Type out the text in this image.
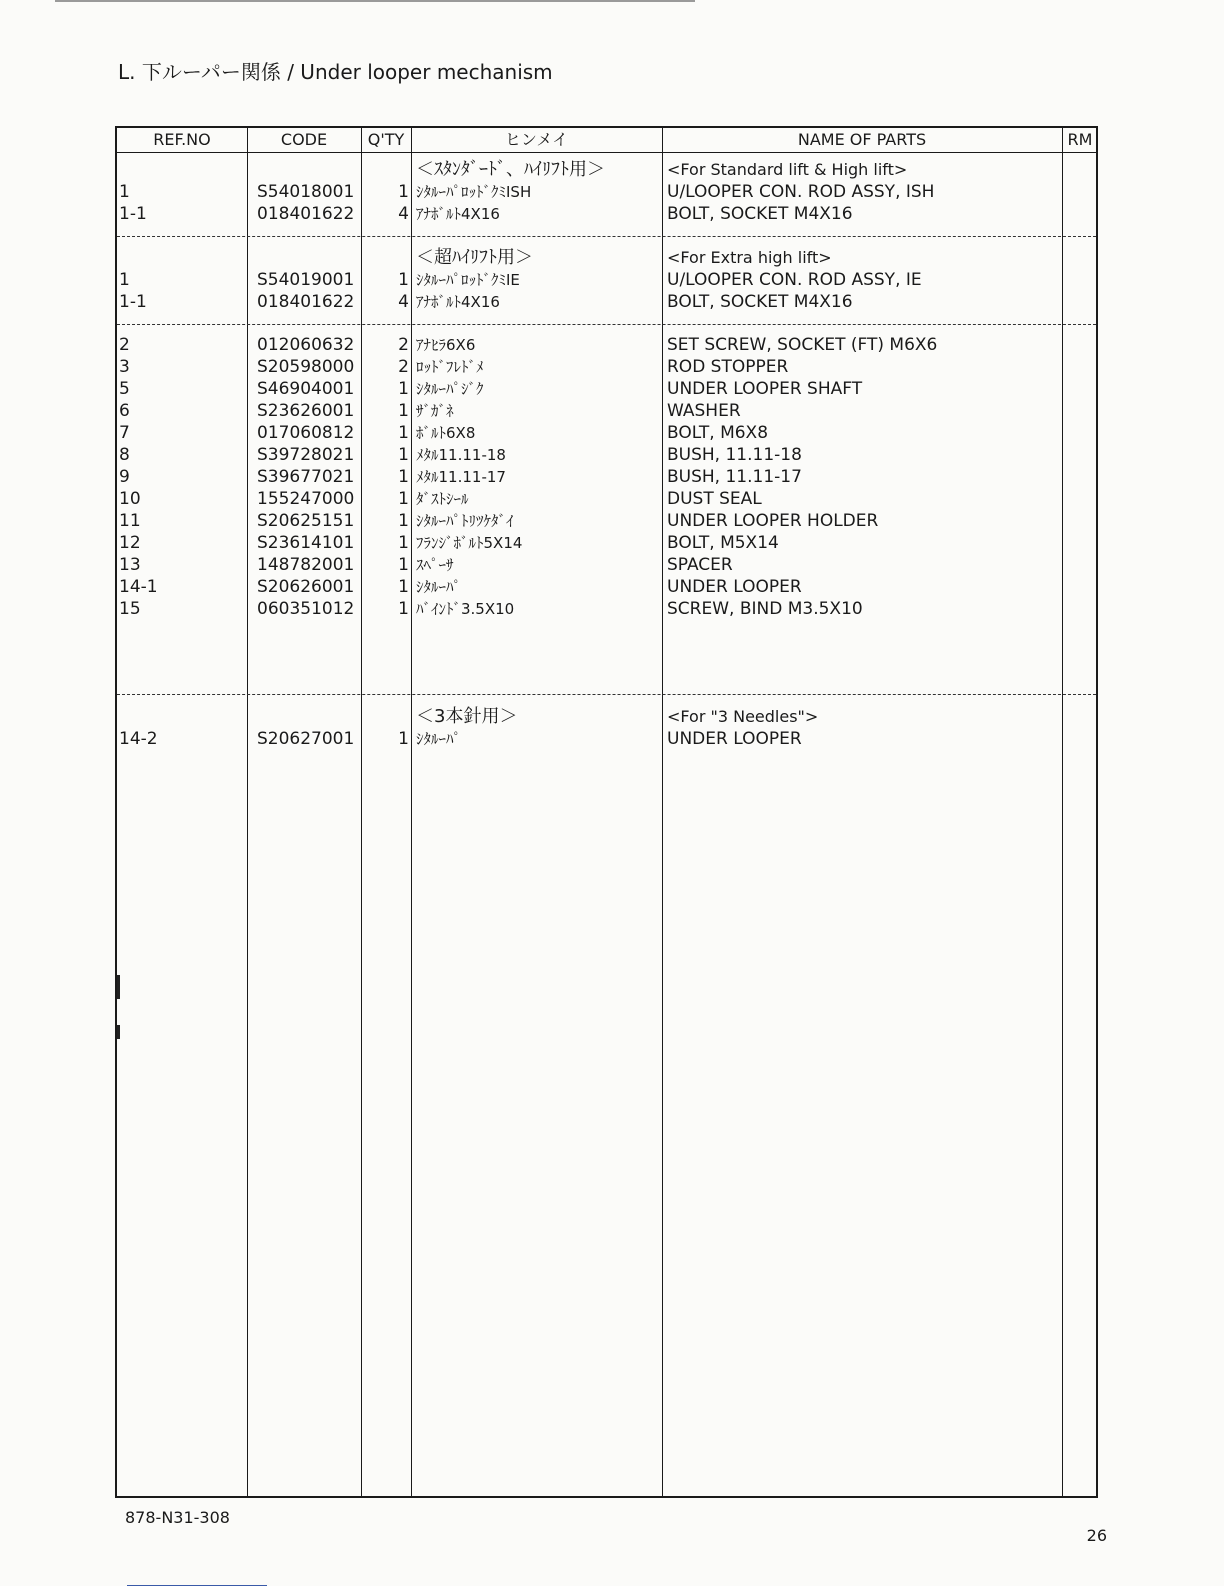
L. 下ルーパー関係 / Under looper mechanism
REF.NO	CODE	Q'TY	ヒンメイ	NAME OF PARTS	RM
＜ｽﾀﾝﾀﾞｰﾄﾞ、ﾊｲﾘﾌﾄ用＞	<For Standard lift & High lift>
1	S54018001	1 ｼﾀﾙｰﾊﾟﾛｯﾄﾞｸﾐISH	U/LOOPER CON. ROD ASSY, ISH
1-1	018401622	4 ｱﾅﾎﾞﾙﾄ4X16	BOLT, SOCKET M4X16
＜超ﾊｲﾘﾌﾄ用＞	<For Extra high lift>
1	S54019001	1 ｼﾀﾙｰﾊﾟﾛｯﾄﾞｸﾐIE	U/LOOPER CON. ROD ASSY, IE
1-1	018401622	4 ｱﾅﾎﾞﾙﾄ4X16	BOLT, SOCKET M4X16
2	012060632	2 ｱﾅﾋﾗ6X6	SET SCREW, SOCKET (FT) M6X6
3	S20598000	2 ﾛｯﾄﾞﾌﾚﾄﾞﾒ	ROD STOPPER
5	S46904001	1 ｼﾀﾙｰﾊﾟｼﾞｸ	UNDER LOOPER SHAFT
6	S23626001	1 ｻﾞｶﾞﾈ	WASHER
7	017060812	1 ﾎﾞﾙﾄ6X8	BOLT, M6X8
8	S39728021	1 ﾒﾀﾙ11.11-18	BUSH, 11.11-18
9	S39677021	1 ﾒﾀﾙ11.11-17	BUSH, 11.11-17
10	155247000	1 ﾀﾞｽﾄｼｰﾙ	DUST SEAL
11	S20625151	1 ｼﾀﾙｰﾊﾟﾄﾘﾂｹﾀﾞｲ	UNDER LOOPER HOLDER
12	S23614101	1 ﾌﾗﾝｼﾞﾎﾞﾙﾄ5X14	BOLT, M5X14
13	148782001	1 ｽﾍﾟｰｻ	SPACER
14-1	S20626001	1 ｼﾀﾙｰﾊﾟ	UNDER LOOPER
15	060351012	1 ﾊﾞｲﾝﾄﾞ3.5X10	SCREW, BIND M3.5X10
＜3本針用＞	<For "3 Needles">
14-2	S20627001	1 ｼﾀﾙｰﾊﾟ	UNDER LOOPER
878-N31-308
26
